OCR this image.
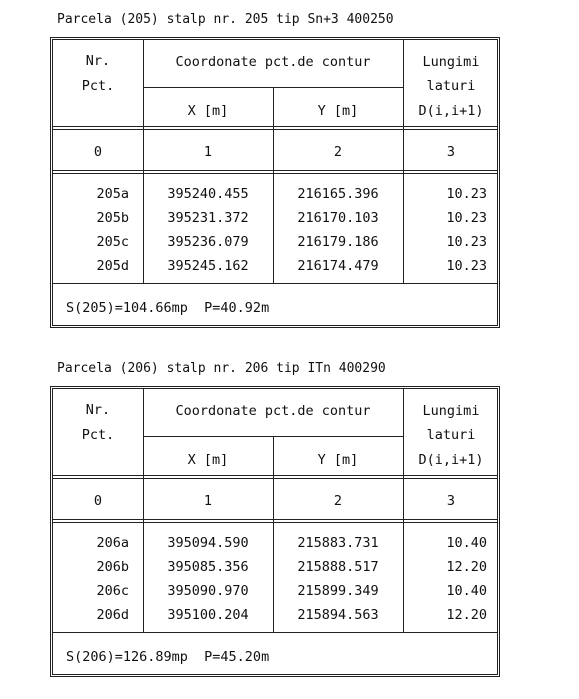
Parcela (205) stalp nr. 205 tip Sn+3 400250
Nr.
Pct.
Coordonate pct.de contur
X [m]	Y [m]
Lungimi
laturi
D(i,i+1)
0	1	2	3
205a	395240.455	216165.396	10.23
205b	395231.372	216170.103	10.23
205c	395236.079	216179.186	10.23
205d	395245.162	216174.479	10.23
S(205)=104.66mp  P=40.92m
Parcela (206) stalp nr. 206 tip ITn 400290
Nr.
Pct.
Coordonate pct.de contur
X [m]	Y [m]
Lungimi
laturi
D(i,i+1)
0	1	2	3
206a	395094.590	215883.731	10.40
206b	395085.356	215888.517	12.20
206c	395090.970	215899.349	10.40
206d	395100.204	215894.563	12.20
S(206)=126.89mp  P=45.20m
